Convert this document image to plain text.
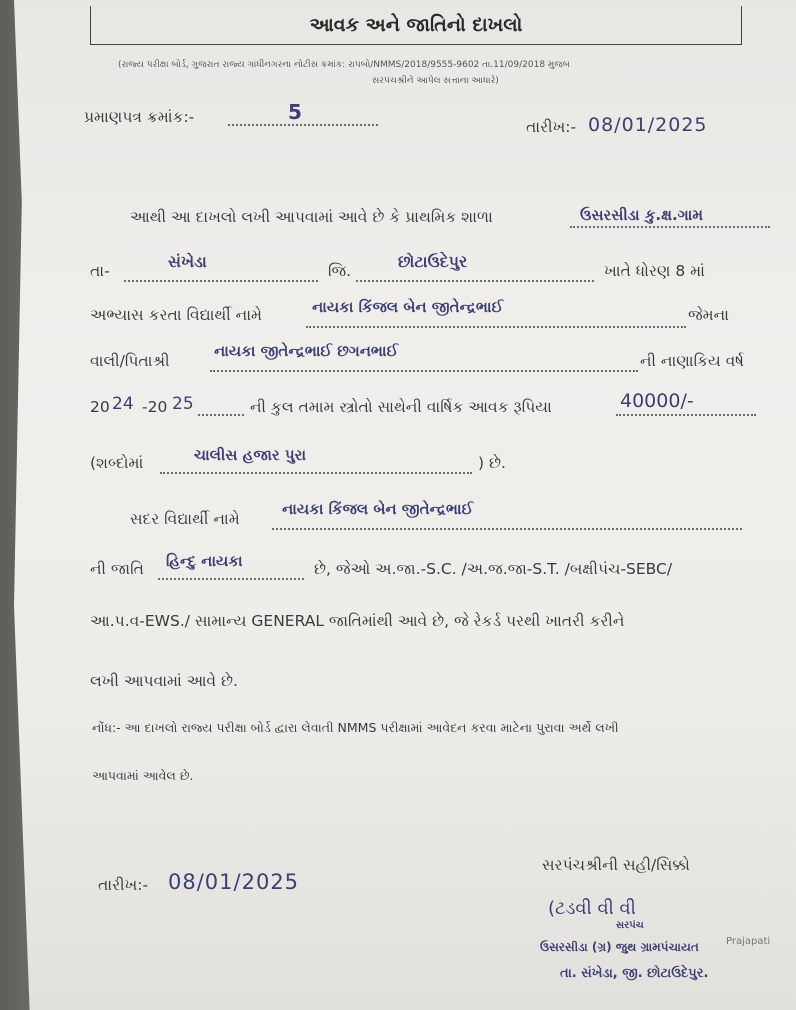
આવક અને જાતિનો દાખલો
(રાજ્ય પરીક્ષા બોર્ડ, ગુજરાત રાજ્ય ગાંધીનગરના નોટીસ ક્રમાંક: રાપબો/NMMS/2018/9555-9602 તા.11/09/2018 મુજબ
સરપંચશ્રીને આપેલ સત્તાના આધારે)
પ્રમાણપત્ર ક્રમાંક:-	5
તારીખ:- 08/01/2025
આથી આ દાખલો લખી આપવામાં આવે છે કે પ્રાથમિક શાળા	ઉસરસીડા કુ.ક્ષ.ગામ
તા-	સંખેડા	જિ.	છોટાઉદેપુર	ખાતે ધોરણ 8 માં
અભ્યાસ કરતા વિદ્યાર્થી નામે	નાયકા કિંજલ બેન જીતેન્દ્રભાઈ	જેમના
વાલી/પિતાશ્રી
નાયકા જીતેન્દ્રભાઈ છગનભાઈ
ની નાણાકિય વર્ષ
20 24 -20 25	ની કુલ તમામ સ્ત્રોતો સાથેની વાર્ષિક આવક રૂપિયા	40000/-
(શબ્દોમાં	ચાલીસ હજાર પુરા	) છે.
સદર વિદ્યાર્થી નામે
નાયકા કિંજલ બેન જીતેન્દ્રભાઈ
ની જાતિ હિન્દુ નાયકા	છે, જેઓ અ.જા.-S.C. /અ.જ.જા-S.T. /બક્ષીપંચ-SEBC/
આ.પ.વ-EWS./ સામાન્ય GENERAL જાતિમાંથી આવે છે, જે રેકર્ડ પરથી ખાતરી કરીને
લખી આપવામાં આવે છે.
નોંધ:- આ દાખલો રાજ્ય પરીક્ષા બોર્ડ દ્વારા લેવાતી NMMS પરીક્ષામાં આવેદન કરવા માટેના પુરાવા અર્થે લખી
આપવામાં આવેલ છે.
સરપંચશ્રીની સહી/સિક્કો
તારીખ:- 08/01/2025
(ટડવી વી વી
સરપંચ
ઉસરસીડા (ગ્ર) જુથ ગ્રામપંચાયત	Prajapati
તા. સંખેડા, જી. છોટાઉદેપુર.
